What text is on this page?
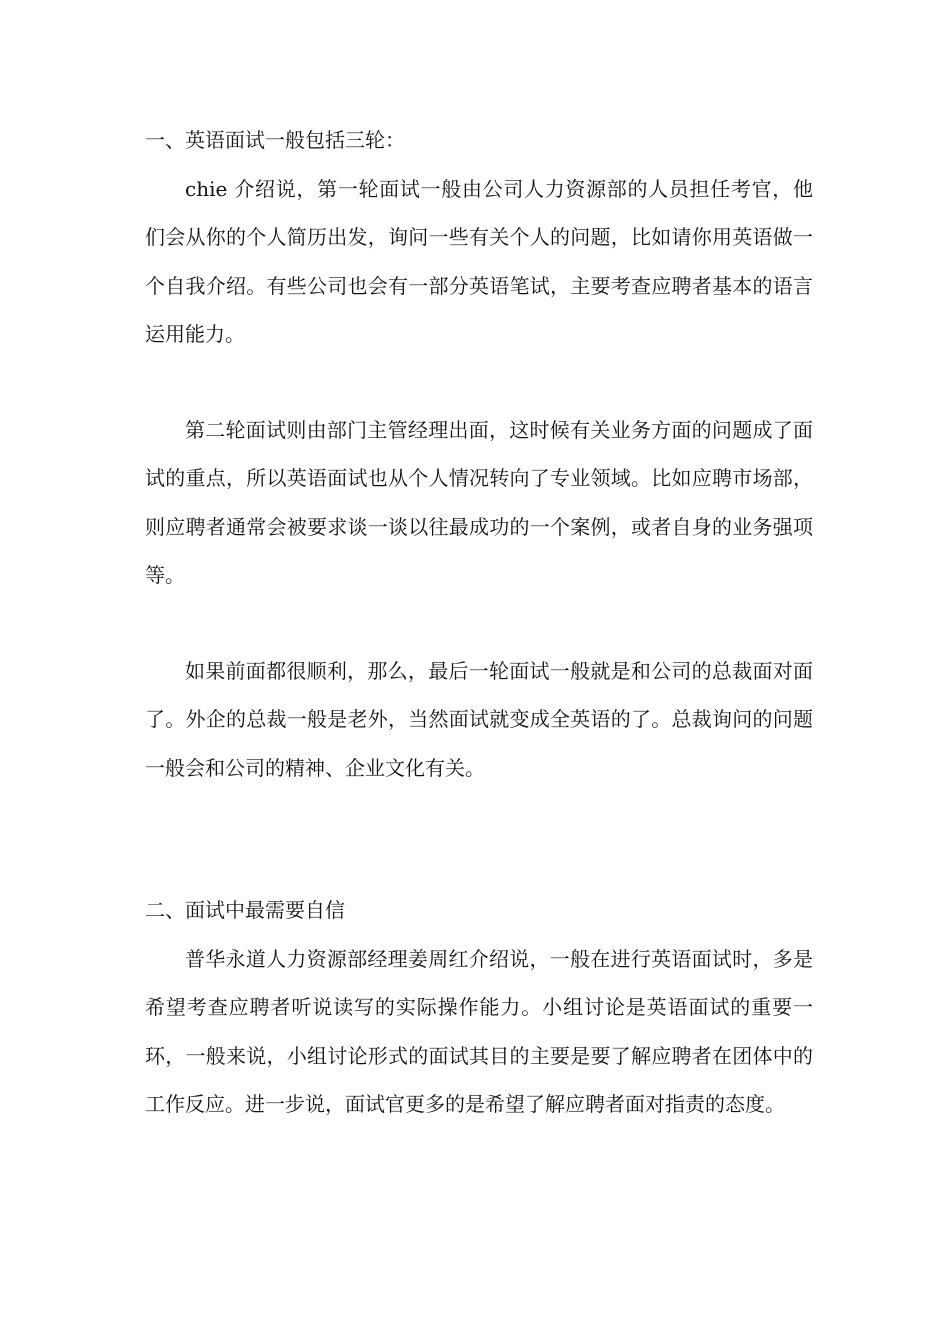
一、英语面试一般包括三轮：

chie 介绍说，第一轮面试一般由公司人力资源部的人员担任考官，他们会从你的个人简历出发，询问一些有关个人的问题，比如请你用英语做一个自我介绍。有些公司也会有一部分英语笔试，主要考查应聘者基本的语言运用能力。

第二轮面试则由部门主管经理出面，这时候有关业务方面的问题成了面试的重点，所以英语面试也从个人情况转向了专业领域。比如应聘市场部，则应聘者通常会被要求谈一谈以往最成功的一个案例，或者自身的业务强项等。

如果前面都很顺利，那么，最后一轮面试一般就是和公司的总裁面对面了。外企的总裁一般是老外，当然面试就变成全英语的了。总裁询问的问题一般会和公司的精神、企业文化有关。

二、面试中最需要自信

普华永道人力资源部经理姜周红介绍说，一般在进行英语面试时，多是希望考查应聘者听说读写的实际操作能力。小组讨论是英语面试的重要一环，一般来说，小组讨论形式的面试其目的主要是要了解应聘者在团体中的工作反应。进一步说，面试官更多的是希望了解应聘者面对指责的态度。
